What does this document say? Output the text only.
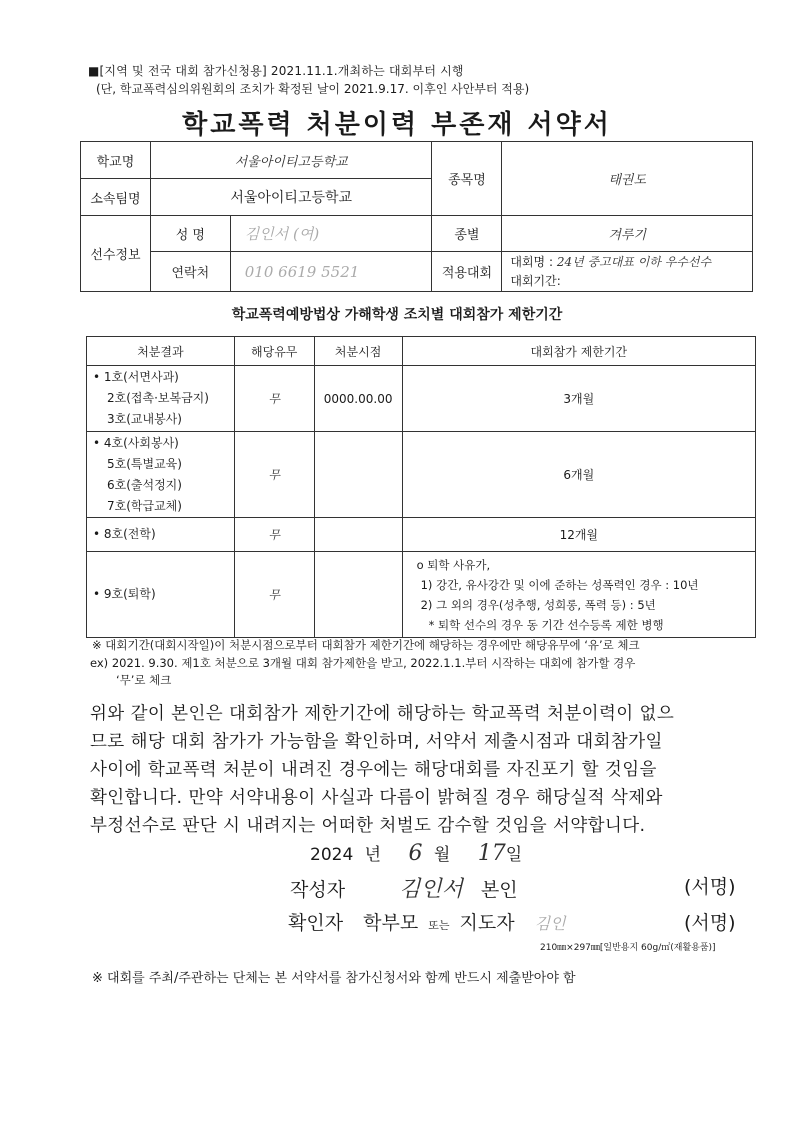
■[지역 및 전국 대회 참가신청용] 2021.11.1.개최하는 대회부터 시행
(단, 학교폭력심의위원회의 조치가 확정된 날이 2021.9.17. 이후인 사안부터 적용)
학교폭력 처분이력 부존재 서약서
학교명	서울아이티고등학교		종목명	태권도
소속팀명	서울아이티고등학교			
선수정보	성 명	김인서 (여)	종별	겨루기
	연락처	010 6619 5521	적용대회	대회명 : 24년 중고대표 이하 우수선수
대회기간:
학교폭력예방법상 가해학생 조치별 대회참가 제한기간
처분결과	해당유무	처분시점	대회참가 제한기간

• 1호(서면사과)
2호(접촉·보복금지)
3호(교내봉사)	무	0000.00.00	3개월

• 4호(사회봉사)
5호(특별교육)
6호(출석정지)
7호(학급교체)	무		6개월
• 8호(전학)	무		12개월
• 9호(퇴학)	무		o 퇴학 사유가,
1) 강간, 유사강간 및 이에 준하는 성폭력인 경우 : 10년
2) 그 외의 경우(성추행, 성희롱, 폭력 등) : 5년
* 퇴학 선수의 경우 동 기간 선수등록 제한 병행
※ 대회기간(대회시작일)이 처분시점으로부터 대회참가 제한기간에 해당하는 경우에만 해당유무에 ‘유’로 체크
ex) 2021. 9.30. 제1호 처분으로 3개월 대회 참가제한을 받고, 2022.1.1.부터 시작하는 대회에 참가할 경우
‘무’로 체크
위와 같이 본인은 대회참가 제한기간에 해당하는 학교폭력 처분이력이 없으
므로 해당 대회 참가가 가능함을 확인하며, 서약서 제출시점과 대회참가일
사이에 학교폭력 처분이 내려진 경우에는 해당대회를 자진포기 할 것임을
확인합니다. 만약 서약내용이 사실과 다름이 밝혀질 경우 해당실적 삭제와
부정선수로 판단 시 내려지는 어떠한 처벌도 감수할 것임을 서약합니다.
2024 년 6 월 17일
작성자 김인서 본인	(서명)
확인자 학부모 또는 지도자 김인	(서명)
210㎜×297㎜[일반용지 60g/㎡(재활용품)]
※ 대회를 주최/주관하는 단체는 본 서약서를 참가신청서와 함께 반드시 제출받아야 함
